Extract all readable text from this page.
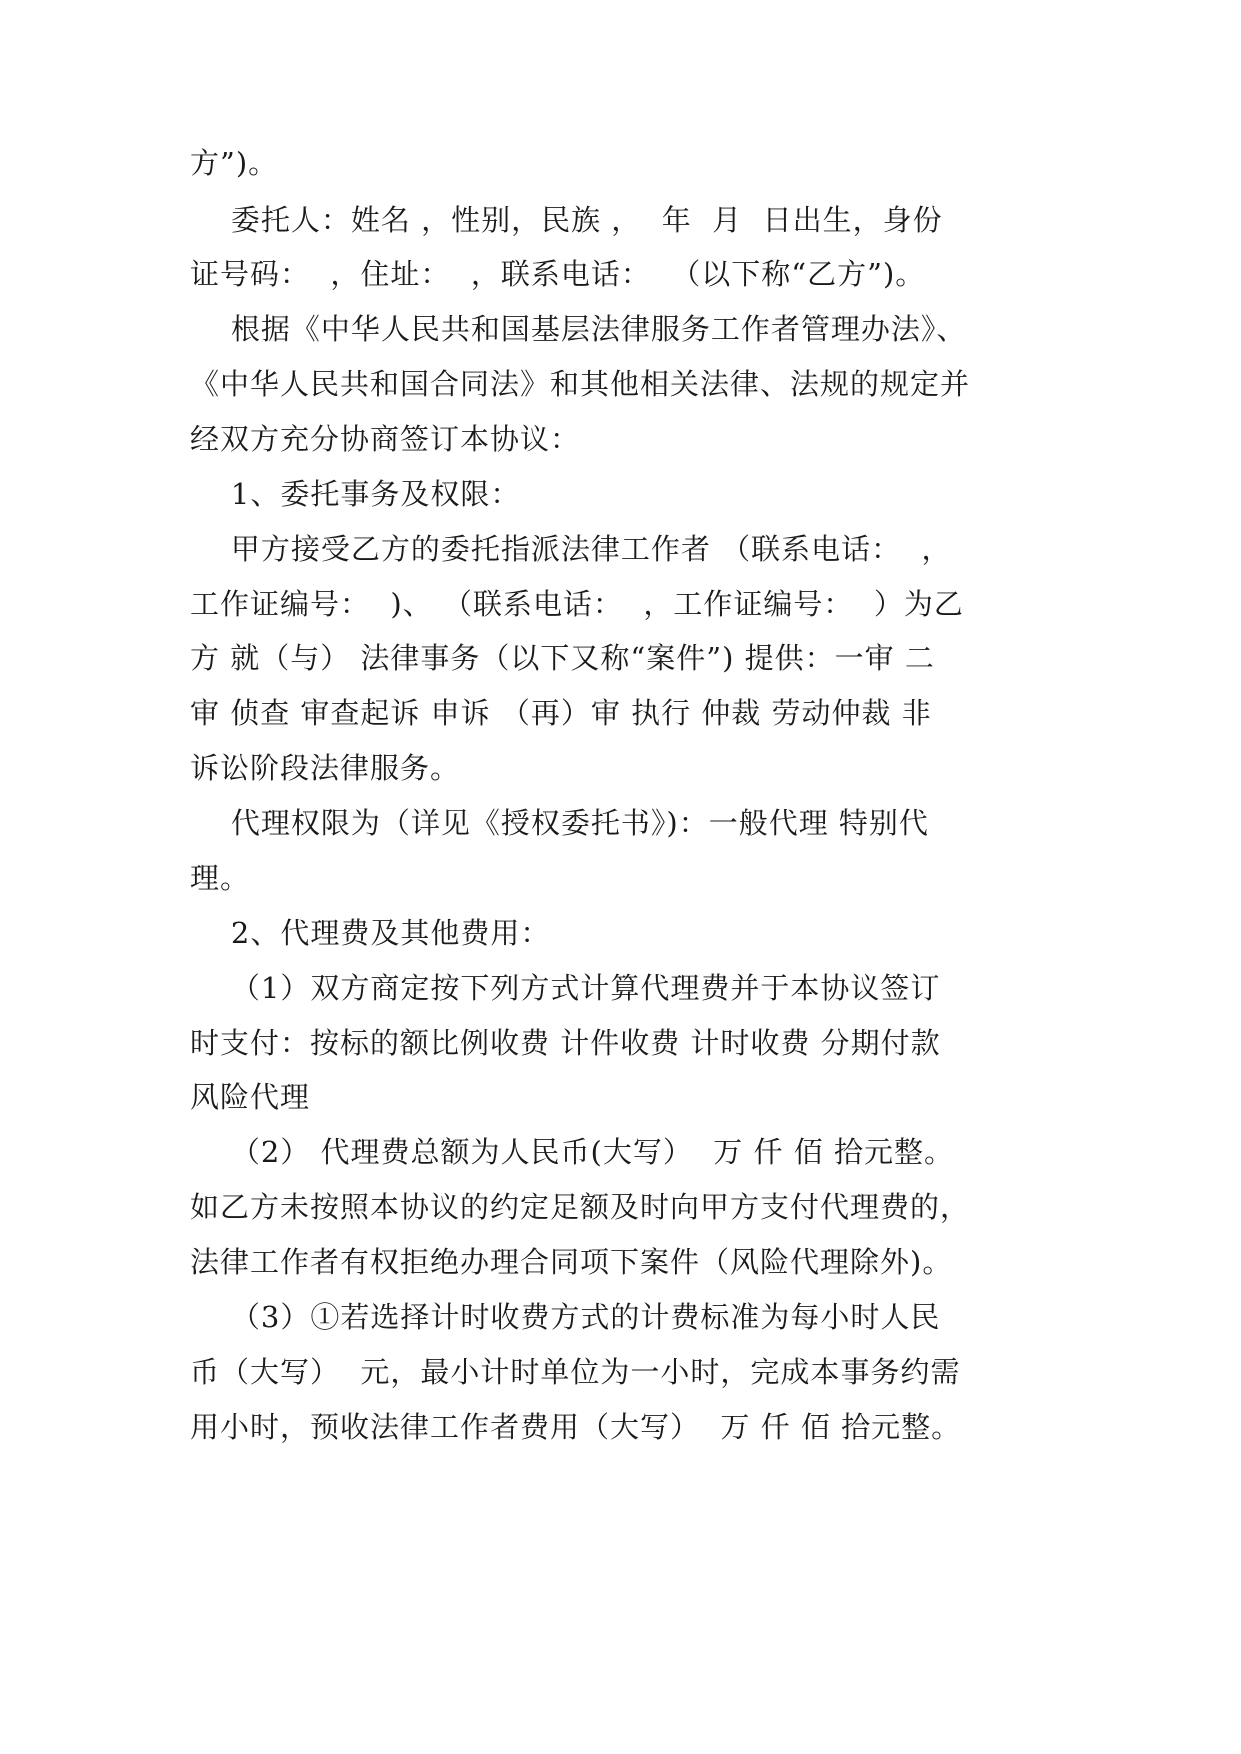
方”)。
委托人：姓名 ，性别，民族 ，  年  月  日出生，身份
证号码：  ，住址：  ，联系电话：  （以下称“乙方”)。
根据《中华人民共和国基层法律服务工作者管理办法》、
《中华人民共和国合同法》和其他相关法律、法规的规定并
经双方充分协商签订本协议：
1、委托事务及权限：
甲方接受乙方的委托指派法律工作者 （联系电话：  ，
工作证编号：  )、 （联系电话：  ，工作证编号：  ）为乙
方 就（与） 法律事务（以下又称“案件”) 提供：一审 二
审 侦查 审查起诉 申诉 （再）审 执行 仲裁 劳动仲裁 非
诉讼阶段法律服务。
代理权限为（详见《授权委托书》)：一般代理 特别代
理。
2、代理费及其他费用：
（1）双方商定按下列方式计算代理费并于本协议签订
时支付：按标的额比例收费 计件收费 计时收费 分期付款
风险代理
（2） 代理费总额为人民币(大写）  万 仟 佰 拾元整。
如乙方未按照本协议的约定足额及时向甲方支付代理费的，
法律工作者有权拒绝办理合同项下案件（风险代理除外)。
（3）①若选择计时收费方式的计费标准为每小时人民
币（大写）  元，最小计时单位为一小时，完成本事务约需
用小时，预收法律工作者费用（大写）  万 仟 佰 拾元整。
